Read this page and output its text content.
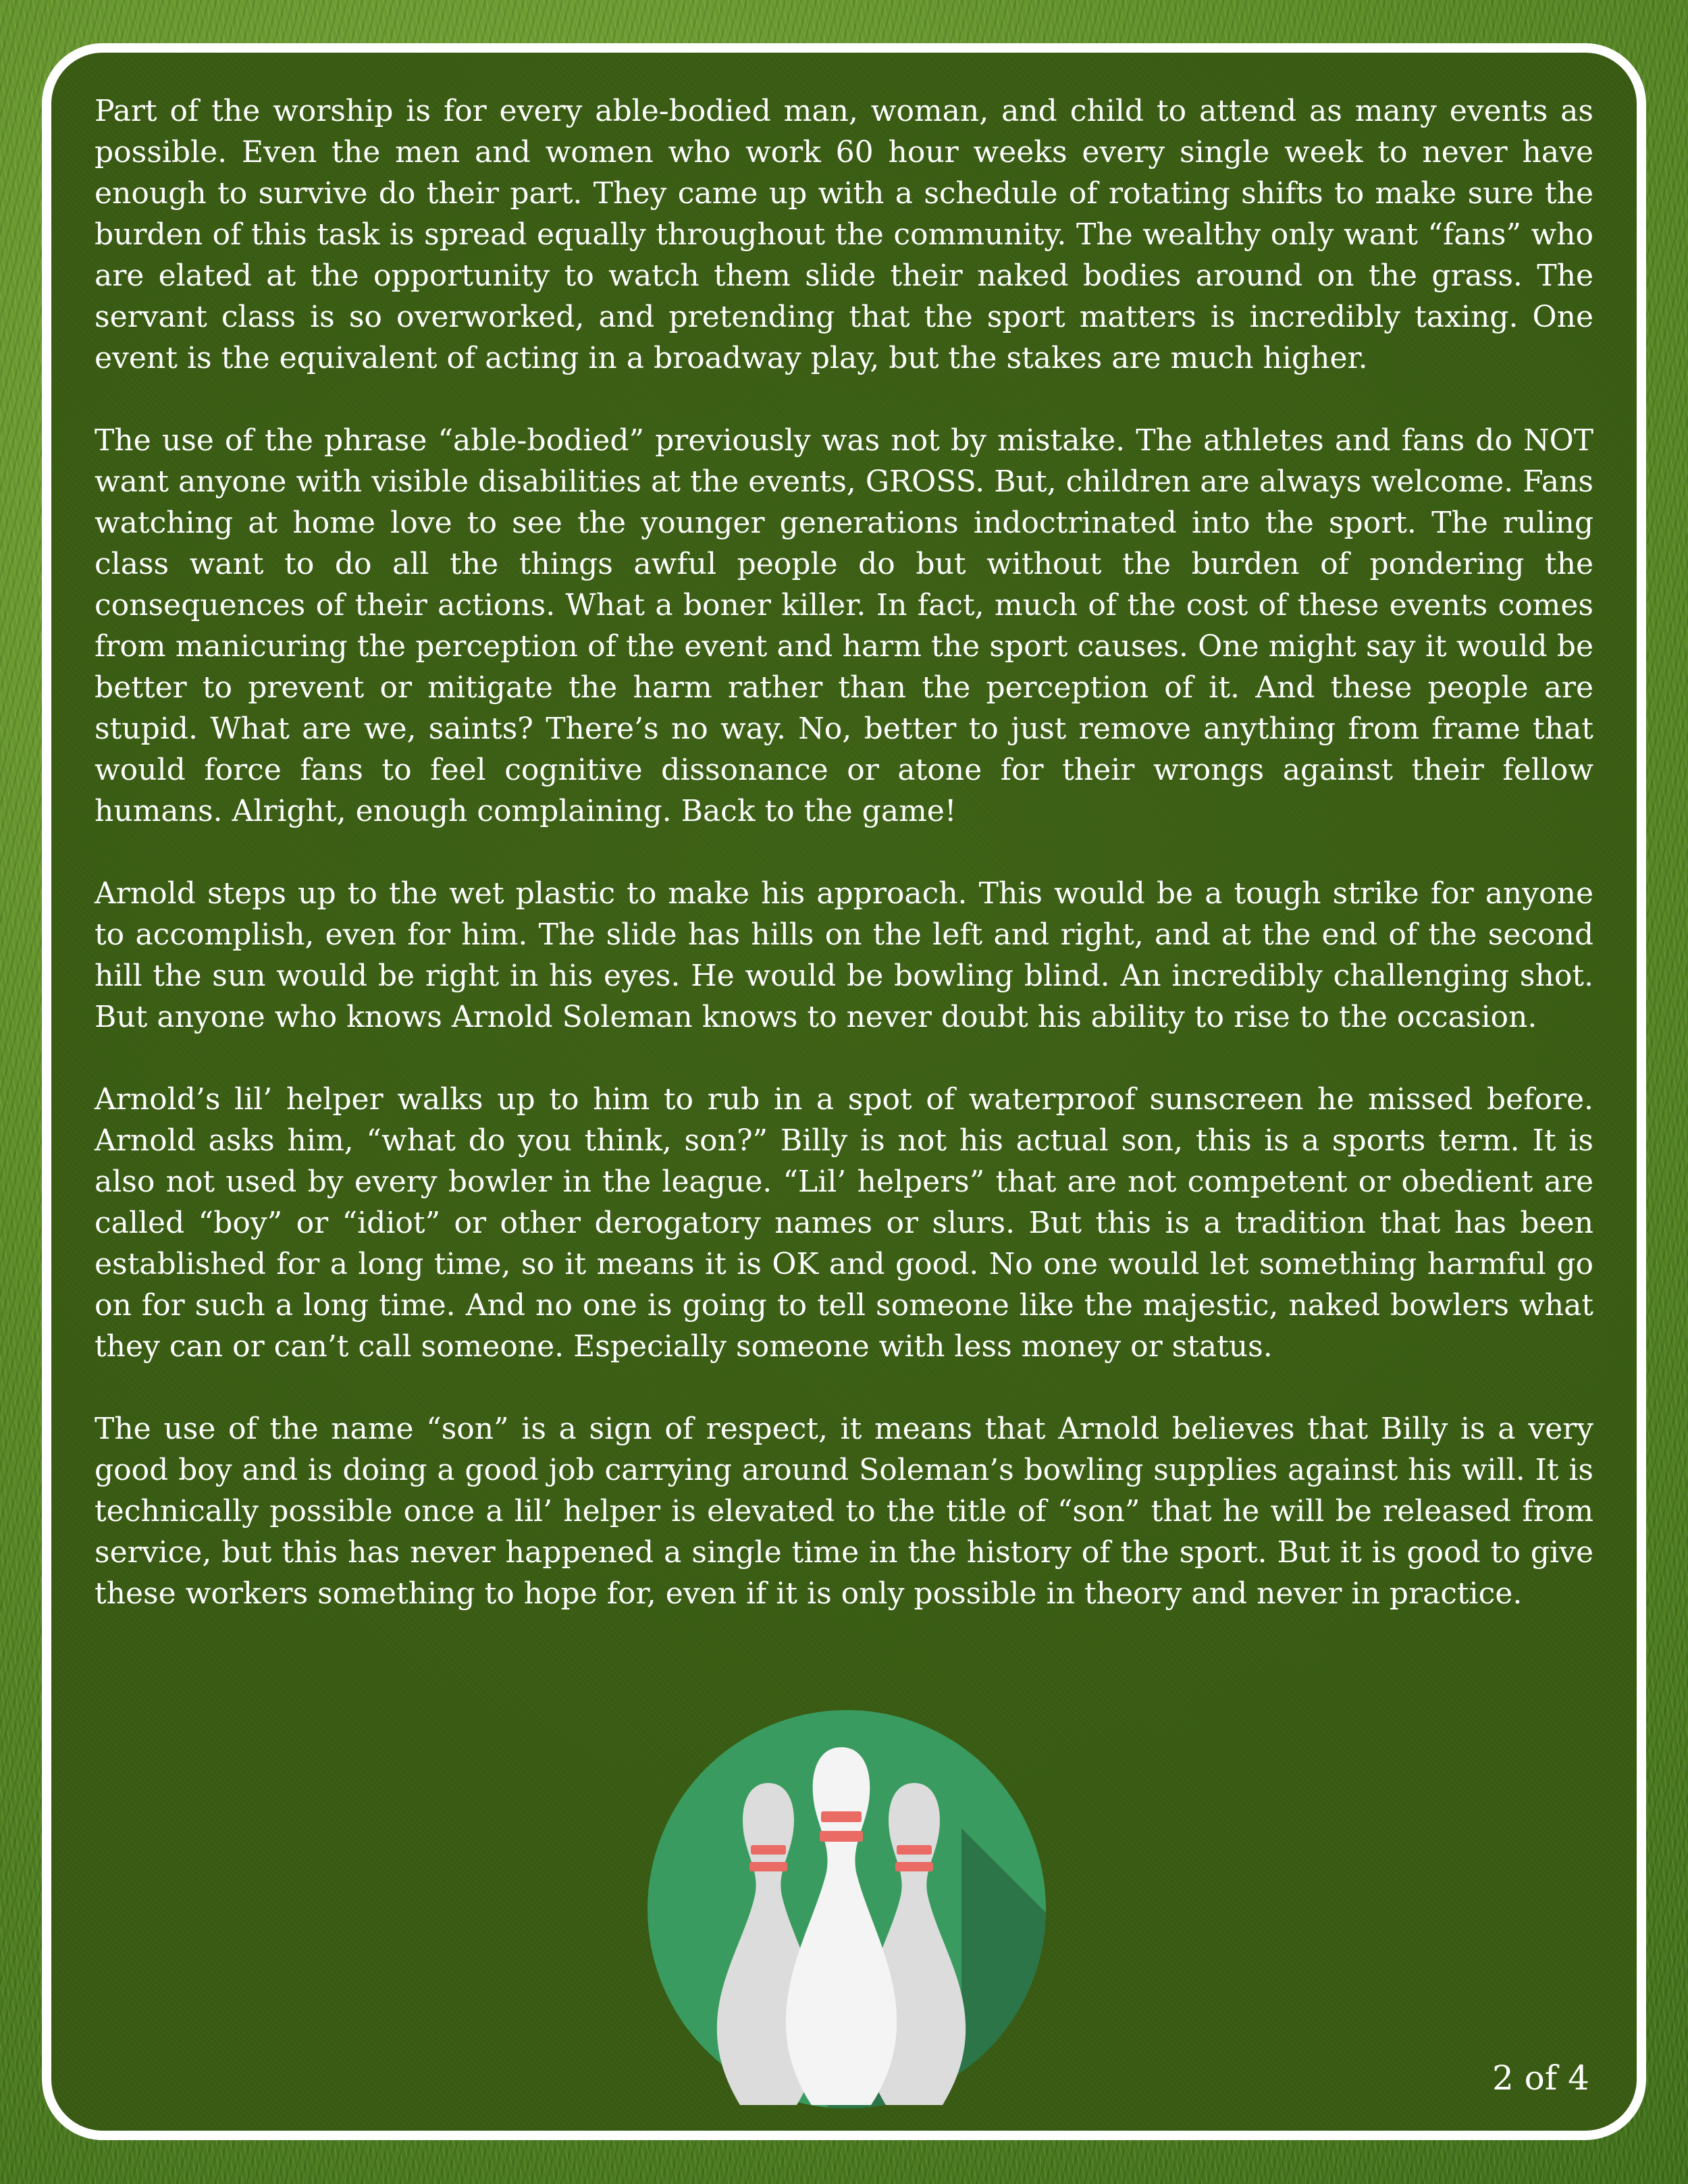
Part of the worship is for every able-bodied man, woman, and child to attend as many events as possible. Even the men and women who work 60 hour weeks every single week to never have enough to survive do their part. They came up with a schedule of rotating shifts to make sure the burden of this task is spread equally throughout the community. The wealthy only want “fans” who are elated at the opportunity to watch them slide their naked bodies around on the grass. The servant class is so overworked, and pretending that the sport matters is incredibly taxing. One event is the equivalent of acting in a broadway play, but the stakes are much higher.

The use of the phrase “able-bodied” previously was not by mistake. The athletes and fans do NOT want anyone with visible disabilities at the events, GROSS. But, children are always welcome. Fans watching at home love to see the younger generations indoctrinated into the sport. The ruling class want to do all the things awful people do but without the burden of pondering the consequences of their actions. What a boner killer. In fact, much of the cost of these events comes from manicuring the perception of the event and harm the sport causes. One might say it would be better to prevent or mitigate the harm rather than the perception of it. And these people are stupid. What are we, saints? There’s no way. No, better to just remove anything from frame that would force fans to feel cognitive dissonance or atone for their wrongs against their fellow humans. Alright, enough complaining. Back to the game!

Arnold steps up to the wet plastic to make his approach. This would be a tough strike for anyone to accomplish, even for him. The slide has hills on the left and right, and at the end of the second hill the sun would be right in his eyes. He would be bowling blind. An incredibly challenging shot. But anyone who knows Arnold Soleman knows to never doubt his ability to rise to the occasion.

Arnold’s lil’ helper walks up to him to rub in a spot of waterproof sunscreen he missed before. Arnold asks him, “what do you think, son?” Billy is not his actual son, this is a sports term. It is also not used by every bowler in the league. “Lil’ helpers” that are not competent or obedient are called “boy” or “idiot” or other derogatory names or slurs. But this is a tradition that has been established for a long time, so it means it is OK and good. No one would let something harmful go on for such a long time. And no one is going to tell someone like the majestic, naked bowlers what they can or can’t call someone. Especially someone with less money or status.

The use of the name “son” is a sign of respect, it means that Arnold believes that Billy is a very good boy and is doing a good job carrying around Soleman’s bowling supplies against his will. It is technically possible once a lil’ helper is elevated to the title of “son” that he will be released from service, but this has never happened a single time in the history of the sport. But it is good to give these workers something to hope for, even if it is only possible in theory and never in practice.

2 of 4
